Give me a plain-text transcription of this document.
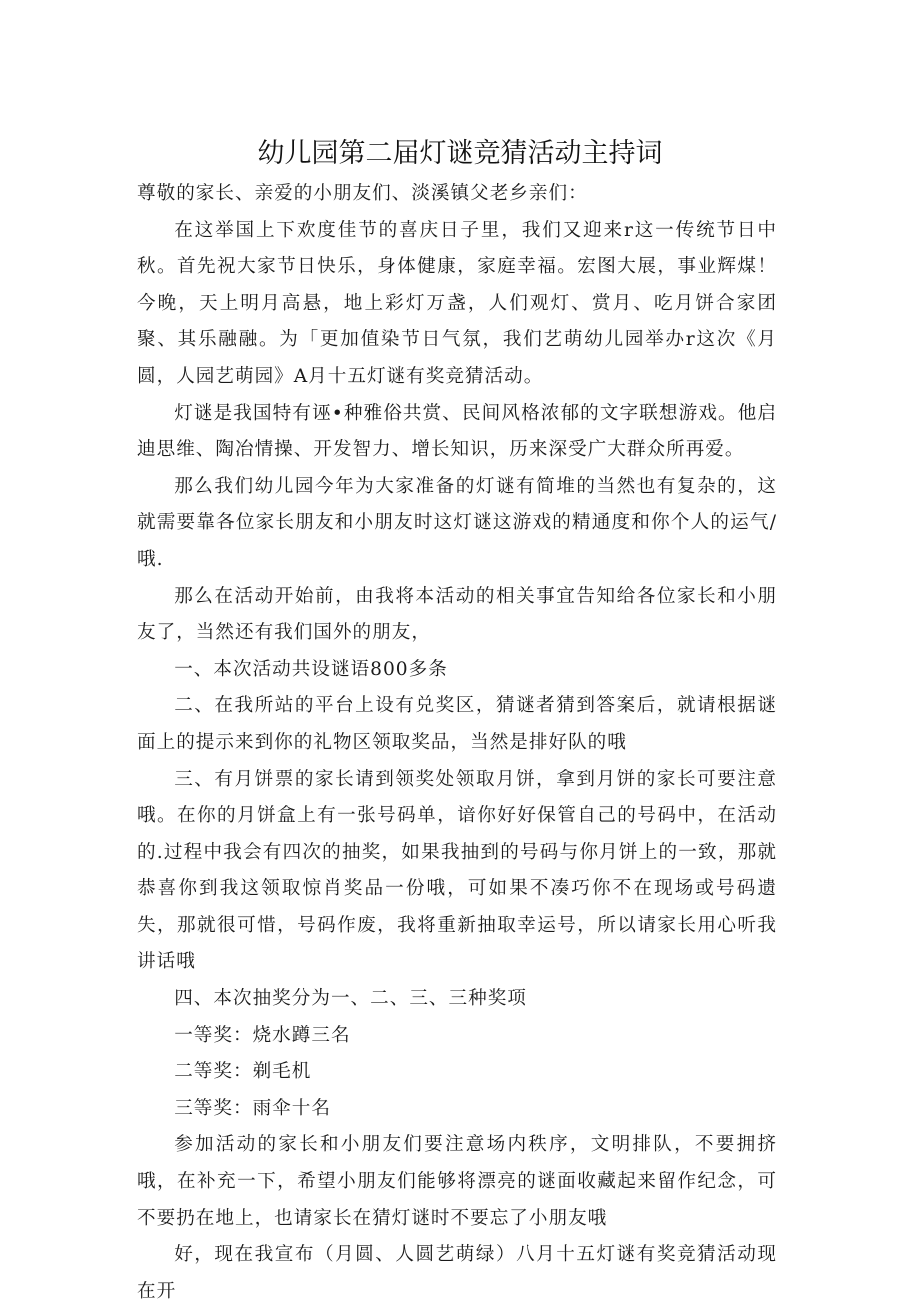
幼儿园第二届灯谜竞猜活动主持词

尊敬的家长、亲爱的小朋友们、淡溪镇父老乡亲们：

在这举国上下欢度佳节的喜庆日子里，我们又迎来r这一传统节日中秋。首先祝大家节日快乐，身体健康，家庭幸福。宏图大展，事业辉煤！今晚，天上明月高悬，地上彩灯万盏，人们观灯、赏月、吃月饼合家团聚、其乐融融。为「更加值染节日气氛，我们艺萌幼儿园举办r这次《月圆，人园艺萌园》A月十五灯谜有奖竞猜活动。

灯谜是我国特有诬•种雅俗共赏、民间风格浓郁的文字联想游戏。他启迪思维、陶冶情操、开发智力、增长知识，历来深受广大群众所再爱。

那么我们幼儿园今年为大家准备的灯谜有简堆的当然也有复杂的，这就需要靠各位家长朋友和小朋友时这灯谜这游戏的精通度和你个人的运气/哦.

那么在活动开始前，由我将本活动的相关事宜告知给各位家长和小朋友了，当然还有我们国外的朋友，

一、本次活动共设谜语800多条

二、在我所站的平台上设有兑奖区，猜谜者猜到答案后，就请根据谜面上的提示来到你的礼物区领取奖品，当然是排好队的哦

三、有月饼票的家长请到领奖处领取月饼，拿到月饼的家长可要注意哦。在你的月饼盒上有一张号码单，谙你好好保管自己的号码中，在活动的.过程中我会有四次的抽奖，如果我抽到的号码与你月饼上的一致，那就恭喜你到我这领取惊肖奖品一份哦，可如果不凑巧你不在现场或号码遗失，那就很可惜，号码作废，我将重新抽取幸运号，所以请家长用心听我讲话哦

四、本次抽奖分为一、二、三、三种奖项

一等奖：烧水蹲三名

二等奖：剃毛机

三等奖：雨伞十名

参加活动的家长和小朋友们要注意场内秩序，文明排队，不要拥挤哦，在补充一下，希望小朋友们能够将漂亮的谜面收藏起来留作纪念，可不要扔在地上，也请家长在猜灯谜时不要忘了小朋友哦

好，现在我宣布（月圆、人圆艺萌绿）八月十五灯谜有奖竞猜活动现在开
